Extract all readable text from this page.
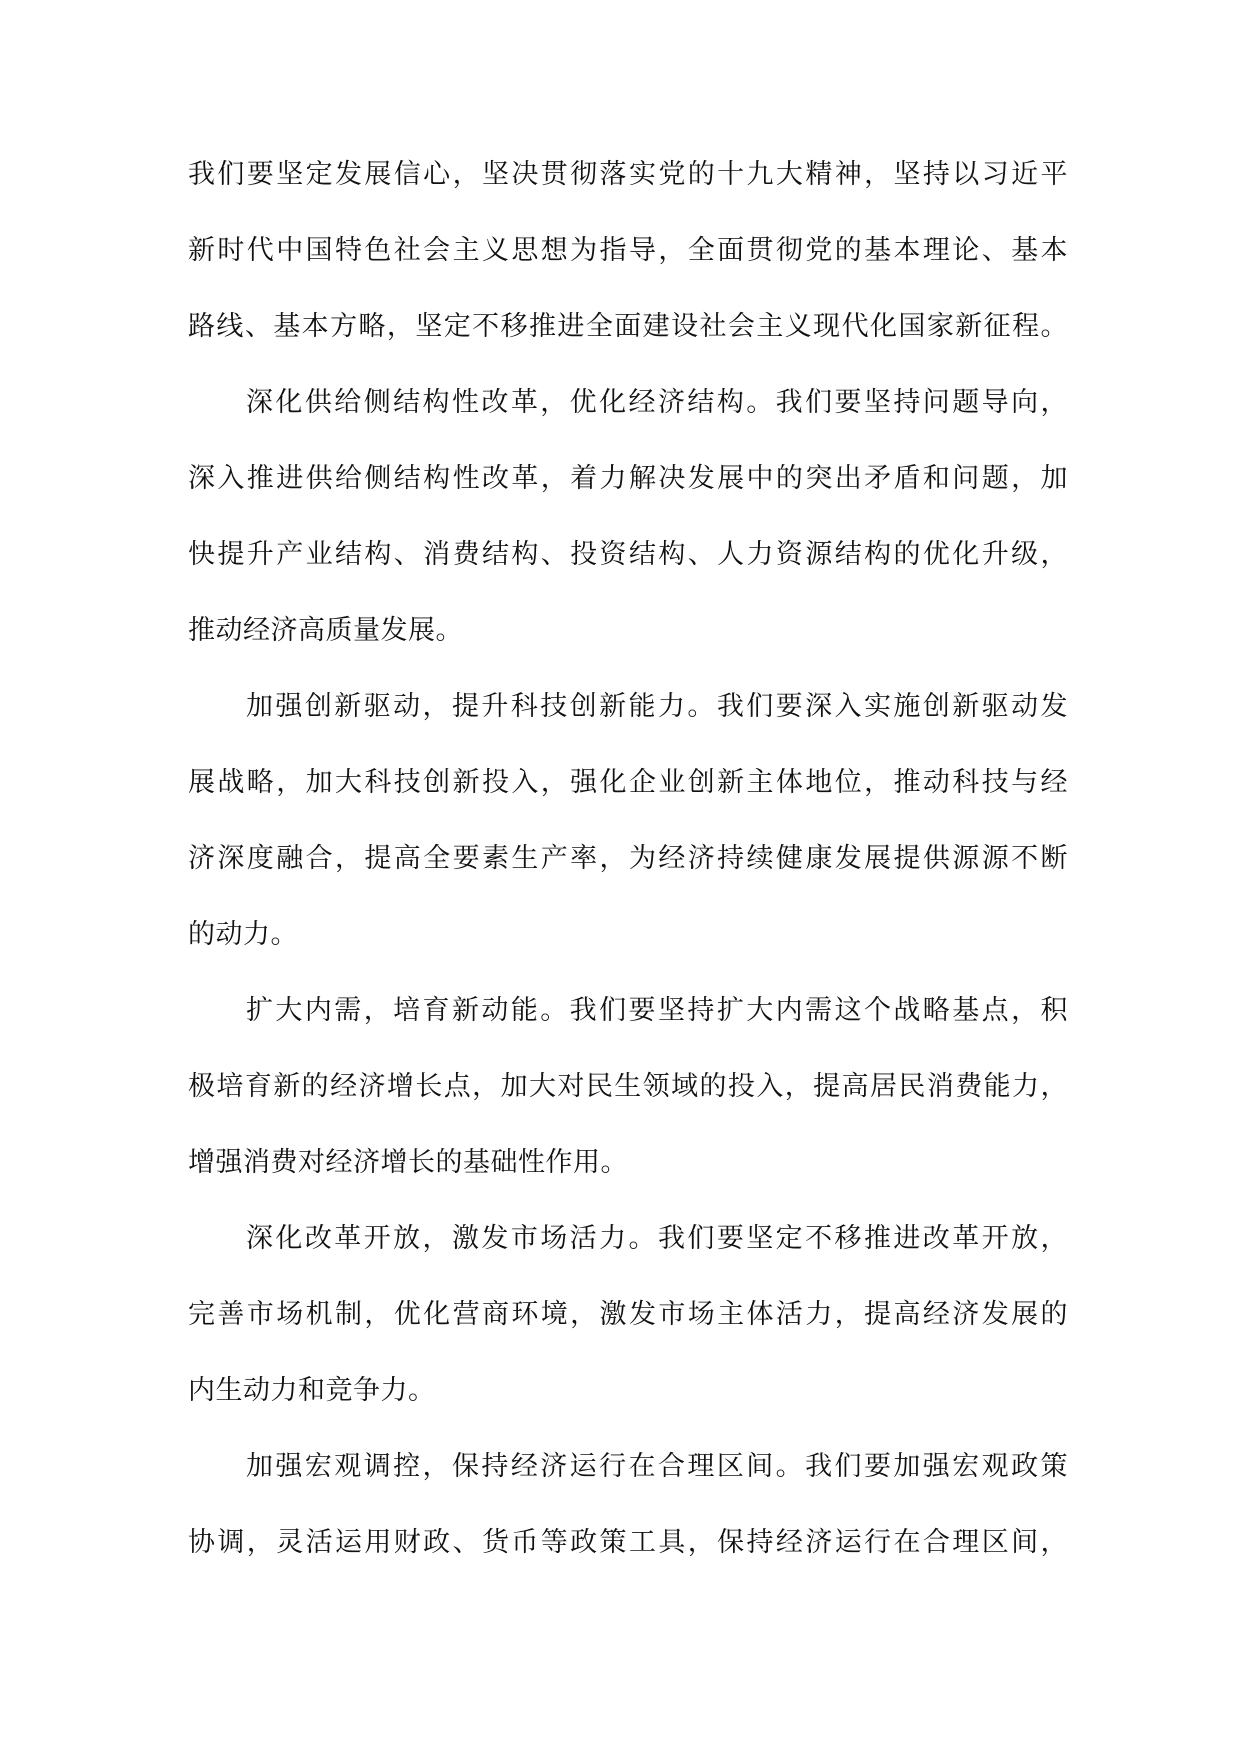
我们要坚定发展信心，坚决贯彻落实党的十九大精神，坚持以习近平
新时代中国特色社会主义思想为指导，全面贯彻党的基本理论、基本
路线、基本方略，坚定不移推进全面建设社会主义现代化国家新征程。
深化供给侧结构性改革，优化经济结构。我们要坚持问题导向，
深入推进供给侧结构性改革，着力解决发展中的突出矛盾和问题，加
快提升产业结构、消费结构、投资结构、人力资源结构的优化升级，
推动经济高质量发展。
加强创新驱动，提升科技创新能力。我们要深入实施创新驱动发
展战略，加大科技创新投入，强化企业创新主体地位，推动科技与经
济深度融合，提高全要素生产率，为经济持续健康发展提供源源不断
的动力。
扩大内需，培育新动能。我们要坚持扩大内需这个战略基点，积
极培育新的经济增长点，加大对民生领域的投入，提高居民消费能力，
增强消费对经济增长的基础性作用。
深化改革开放，激发市场活力。我们要坚定不移推进改革开放，
完善市场机制，优化营商环境，激发市场主体活力，提高经济发展的
内生动力和竞争力。
加强宏观调控，保持经济运行在合理区间。我们要加强宏观政策
协调，灵活运用财政、货币等政策工具，保持经济运行在合理区间，
